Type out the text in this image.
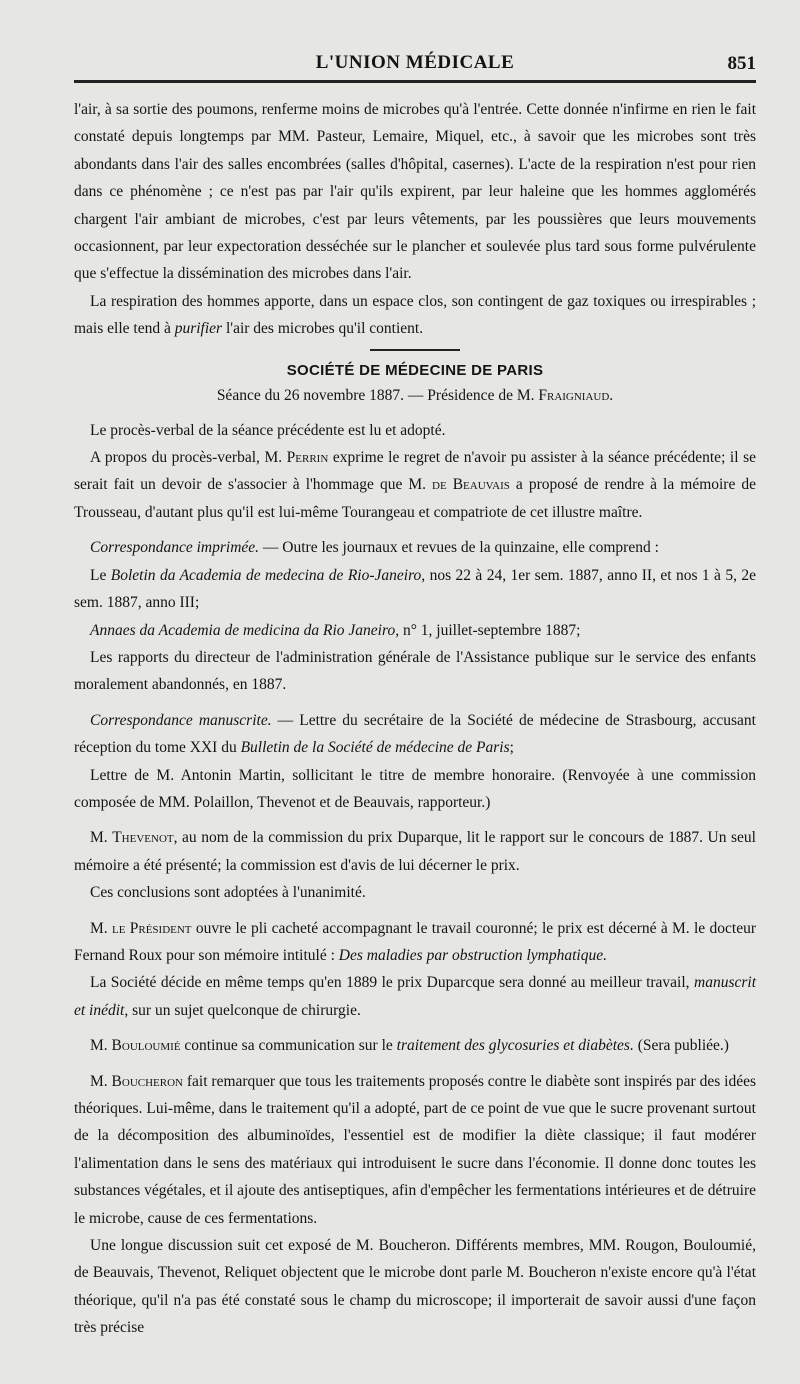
L'UNION MÉDICALE	851

l'air, à sa sortie des poumons, renferme moins de microbes qu'à l'entrée. Cette donnée n'infirme en rien le fait constaté depuis longtemps par MM. Pasteur, Lemaire, Miquel, etc., à savoir que les microbes sont très abondants dans l'air des salles encombrées (salles d'hôpital, casernes). L'acte de la respiration n'est pour rien dans ce phénomène ; ce n'est pas par l'air qu'ils expirent, par leur haleine que les hommes agglomérés chargent l'air ambiant de microbes, c'est par leurs vêtements, par les poussières que leurs mouvements occasionnent, par leur expectoration desséchée sur le plancher et soulevée plus tard sous forme pulvérulente que s'effectue la dissémination des microbes dans l'air.

La respiration des hommes apporte, dans un espace clos, son contingent de gaz toxiques ou irrespirables ; mais elle tend à purifier l'air des microbes qu'il contient.

SOCIÉTÉ DE MÉDECINE DE PARIS
Séance du 26 novembre 1887. — Présidence de M. Fraigniaud.

Le procès-verbal de la séance précédente est lu et adopté.

A propos du procès-verbal, M. Perrin exprime le regret de n'avoir pu assister à la séance précédente; il se serait fait un devoir de s'associer à l'hommage que M. de Beauvais a proposé de rendre à la mémoire de Trousseau, d'autant plus qu'il est lui-même Tourangeau et compatriote de cet illustre maître.

Correspondance imprimée. — Outre les journaux et revues de la quinzaine, elle comprend :

Le Boletin da Academia de medecina de Rio-Janeiro, nos 22 à 24, 1er sem. 1887, anno II, et nos 1 à 5, 2e sem. 1887, anno III;

Annaes da Academia de medicina da Rio Janeiro, n° 1, juillet-septembre 1887;

Les rapports du directeur de l'administration générale de l'Assistance publique sur le service des enfants moralement abandonnés, en 1887.

Correspondance manuscrite. — Lettre du secrétaire de la Société de médecine de Strasbourg, accusant réception du tome XXI du Bulletin de la Société de médecine de Paris;

Lettre de M. Antonin Martin, sollicitant le titre de membre honoraire. (Renvoyée à une commission composée de MM. Polaillon, Thevenot et de Beauvais, rapporteur.)

M. Thevenot, au nom de la commission du prix Duparque, lit le rapport sur le concours de 1887. Un seul mémoire a été présenté; la commission est d'avis de lui décerner le prix.

Ces conclusions sont adoptées à l'unanimité.

M. le Président ouvre le pli cacheté accompagnant le travail couronné; le prix est décerné à M. le docteur Fernand Roux pour son mémoire intitulé : Des maladies par obstruction lymphatique.

La Société décide en même temps qu'en 1889 le prix Duparcque sera donné au meilleur travail, manuscrit et inédit, sur un sujet quelconque de chirurgie.

M. Bouloumié continue sa communication sur le traitement des glycosuries et diabètes. (Sera publiée.)

M. Boucheron fait remarquer que tous les traitements proposés contre le diabète sont inspirés par des idées théoriques. Lui-même, dans le traitement qu'il a adopté, part de ce point de vue que le sucre provenant surtout de la décomposition des albuminoïdes, l'essentiel est de modifier la diète classique; il faut modérer l'alimentation dans le sens des matériaux qui introduisent le sucre dans l'économie. Il donne donc toutes les substances végétales, et il ajoute des antiseptiques, afin d'empêcher les fermentations intérieures et de détruire le microbe, cause de ces fermentations.

Une longue discussion suit cet exposé de M. Boucheron. Différents membres, MM. Rougon, Bouloumié, de Beauvais, Thevenot, Reliquet objectent que le microbe dont parle M. Boucheron n'existe encore qu'à l'état théorique, qu'il n'a pas été constaté sous le champ du microscope; il importerait de savoir aussi d'une façon très précise
